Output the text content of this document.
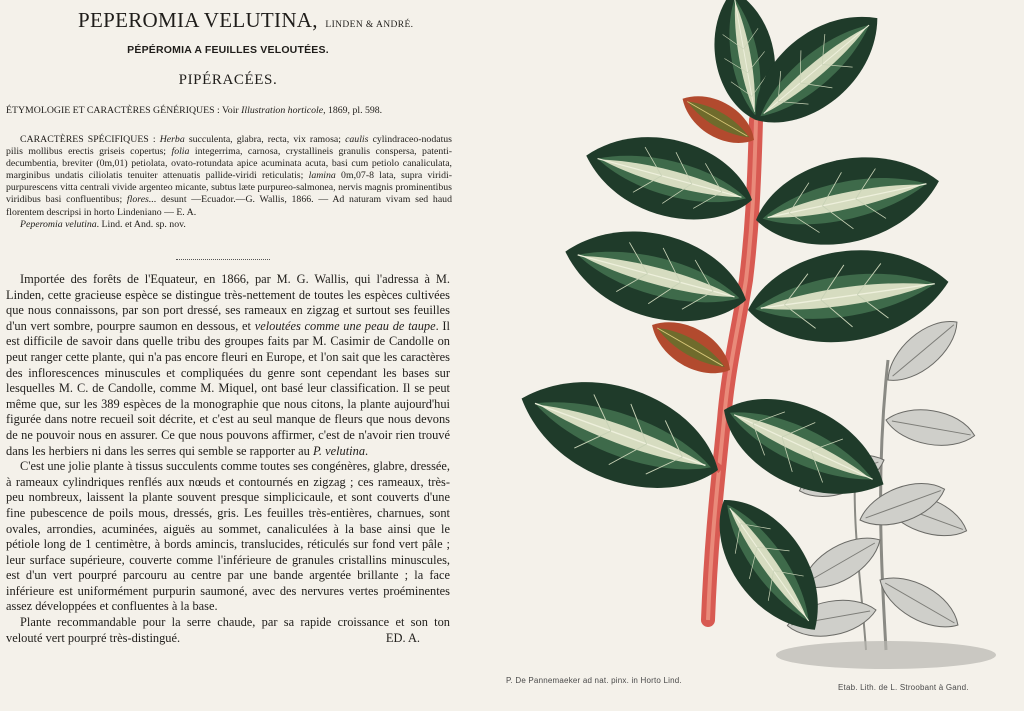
PEPEROMIA VELUTINA, LINDEN & ANDRÉ.
PÉPÉROMIA A FEUILLES VELOUTÉES.
PIPÉRACÉES.
ÉTYMOLOGIE ET CARACTÈRES GÉNÉRIQUES : Voir Illustration horticole, 1869, pl. 598.
CARACTÈRES SPÉCIFIQUES : Herba succulenta, glabra, recta, vix ramosa; caulis cylindraceo-nodatus pilis mollibus erectis griseis copertus; folia integerrima, carnosa, crystallineis granulis conspersa, patenti-decumbentia, breviter (0m,01) petiolata, ovato-rotundata apice acuminata acuta, basi cum petiolo canaliculata, marginibus undatis ciliolatis tenuiter attenuatis pallide-viridi reticulatis; lamina 0m,07-8 lata, supra viridi-purpurescens vitta centrali vivide argenteo micante, subtus læte purpureo-salmonea, nervis magnis prominentibus viridibus basi confluentibus; flores... desunt —Ecuador.—G. Wallis, 1866. — Ad naturam vivam sed haud florentem descripsi in horto Lindeniano — E. A.
Peperomia velutina. Lind. et And. sp. nov.

Importée des forêts de l'Equateur, en 1866, par M. G. Wallis, qui l'adressa à M. Linden, cette gracieuse espèce se distingue très-nettement de toutes les espèces cultivées que nous connaissons, par son port dressé, ses rameaux en zigzag et surtout ses feuilles d'un vert sombre, pourpre saumon en dessous, et veloutées comme une peau de taupe. Il est difficile de savoir dans quelle tribu des groupes faits par M. Casimir de Candolle on peut ranger cette plante, qui n'a pas encore fleuri en Europe, et l'on sait que les caractères des inflorescences minuscules et compliquées du genre sont cependant les bases sur lesquelles M. C. de Candolle, comme M. Miquel, ont basé leur classification. Il se peut même que, sur les 389 espèces de la monographie que nous citons, la plante aujourd'hui figurée dans notre recueil soit décrite, et c'est au seul manque de fleurs que nous devons de ne pouvoir nous en assurer. Ce que nous pouvons affirmer, c'est de n'avoir rien trouvé dans les herbiers ni dans les serres qui semble se rapporter au P. velutina.

C'est une jolie plante à tissus succulents comme toutes ses congénères, glabre, dressée, à rameaux cylindriques renflés aux nœuds et contournés en zigzag ; ces rameaux, très-peu nombreux, laissent la plante souvent presque simplicicaule, et sont couverts d'une fine pubescence de poils mous, dressés, gris. Les feuilles très-entières, charnues, sont ovales, arrondies, acuminées, aiguës au sommet, canaliculées à la base ainsi que le pétiole long de 1 centimètre, à bords amincis, translucides, réticulés sur fond vert pâle ; leur surface supérieure, couverte comme l'inférieure de granules cristallins minuscules, est d'un vert pourpré parcouru au centre par une bande argentée brillante ; la face inférieure est uniformément purpurin saumoné, avec des nervures vertes proéminentes assez développées et confluentes à la base.

Plante recommandable pour la serre chaude, par sa rapide croissance et son ton velouté vert pourpré très-distingué.	ED. A.

P. De Pannemaeker ad nat. pinx. in Horto Lind.
Etab. Lith. de L. Stroobant à Gand.
